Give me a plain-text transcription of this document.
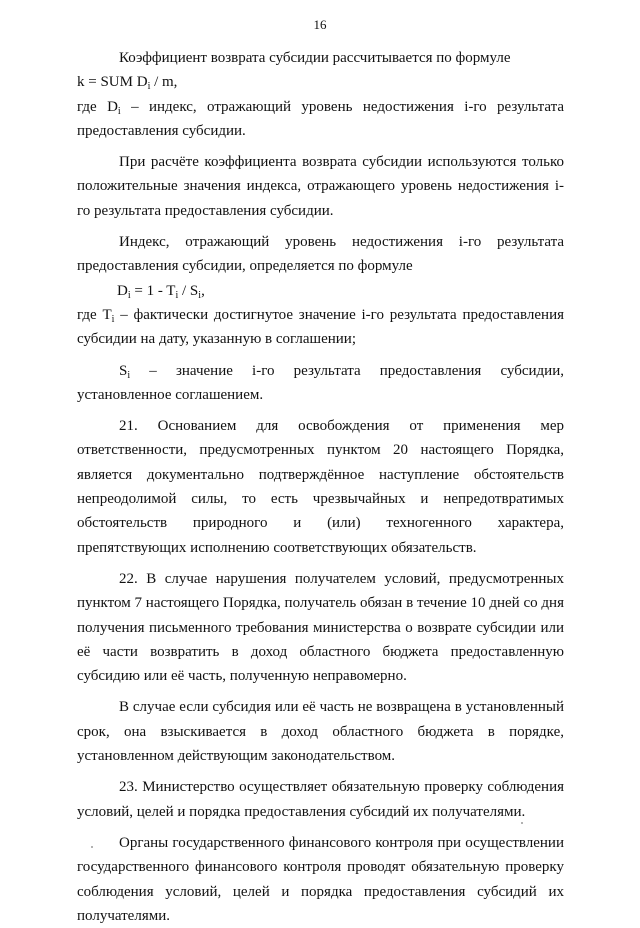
16

Коэффициент возврата субсидии рассчитывается по формуле

k = SUM $D_i$ / m,

где $D_i$ – индекс, отражающий уровень недостижения i-го результата предоставления субсидии.

При расчёте коэффициента возврата субсидии используются только положительные значения индекса, отражающего уровень недостижения i-го результата предоставления субсидии.

Индекс, отражающий уровень недостижения i-го результата предоставления субсидии, определяется по формуле

$D_i = 1 - T_i / S_i$,

где $T_i$ – фактически достигнутое значение i-го результата предоставления субсидии на дату, указанную в соглашении;

$S_i$ – значение i-го результата предоставления субсидии, установленное соглашением.

21. Основанием для освобождения от применения мер ответственности, предусмотренных пунктом 20 настоящего Порядка, является документально подтверждённое наступление обстоятельств непреодолимой силы, то есть чрезвычайных и непредотвратимых обстоятельств природного и (или) техногенного характера, препятствующих исполнению соответствующих обязательств.

22. В случае нарушения получателем условий, предусмотренных пунктом 7 настоящего Порядка, получатель обязан в течение 10 дней со дня получения письменного требования министерства о возврате субсидии или её части возвратить в доход областного бюджета предоставленную субсидию или её часть, полученную неправомерно.

В случае если субсидия или её часть не возвращена в установленный срок, она взыскивается в доход областного бюджета в порядке, установленном действующим законодательством.

23. Министерство осуществляет обязательную проверку соблюдения условий, целей и порядка предоставления субсидий их получателями.

Органы государственного финансового контроля при осуществлении государственного финансового контроля проводят обязательную проверку соблюдения условий, целей и порядка предоставления субсидий их получателями.
